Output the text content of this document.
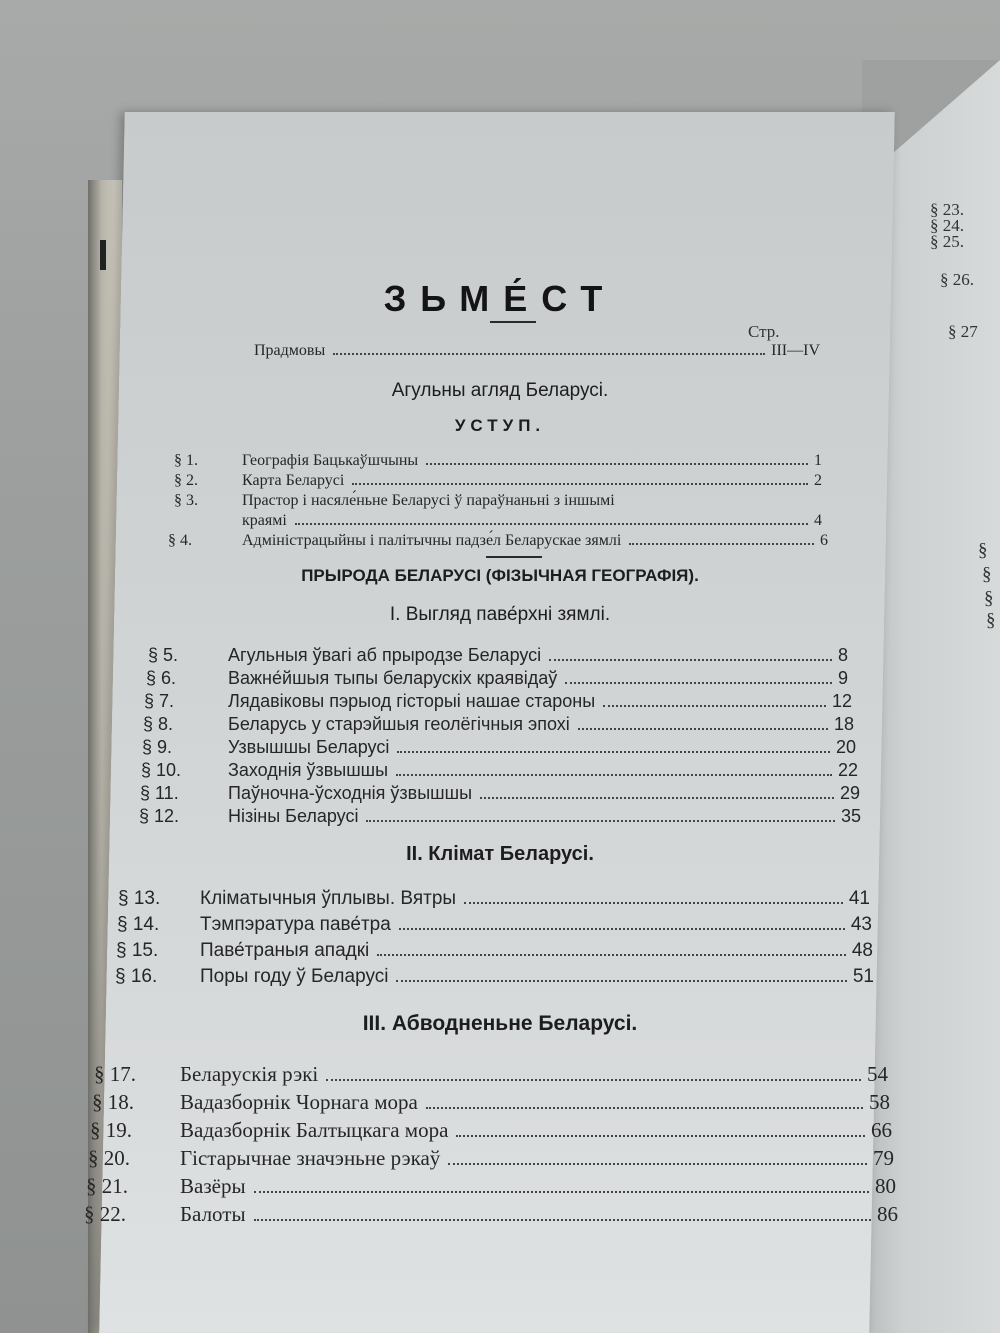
§ 23.
§ 24.
§ 25.
§ 26.
§ 27
§
§
§
§
ЗЬМЕ́СТ
Стр.
Прадмовы	III—IV
Агульны агляд Беларусі.
УСТУП.
§ 1.	Географія Бацькаўшчыны	1
§ 2.	Карта Беларусі	2
§ 3.	Прастор і насяле́ньне Беларусі ў параўнаньні з іншымі
краямі	4
§ 4.	Адміністрацыйны і палітычны падзе́л Беларускае зямлі	6
ПРЫРОДА БЕЛАРУСІ (ФІЗЫЧНАЯ ГЕОГРАФІЯ).
I. Выгляд паве́рхні зямлі.
§ 5.	Агульныя ўвагі аб прыродзе Беларусі	8
§ 6.	Важне́йшыя тыпы беларускіх краявідаў	9
§ 7.	Лядавіковы пэрыод гісторыі нашае староны	12
§ 8.	Беларусь у старэйшыя геолёгічныя эпохі	18
§ 9.	Узвышшы Беларусі	20
§ 10.	Заходнія ўзвышшы	22
§ 11.	Паўночна-ўсходнія ўзвышшы	29
§ 12.	Нізіны Беларусі	35
II. Клімат Беларусі.
§ 13.	Кліматычныя ўплывы. Вятры	41
§ 14.	Тэмпэратура паве́тра	43
§ 15.	Паве́траныя ападкі	48
§ 16.	Поры году ў Беларусі	51
III. Абводненьне Беларусі.
§ 17.	Беларускія рэкі	54
§ 18.	Вадазборнік Чорнага мора	58
§ 19.	Вадазборнік Балтыцкага мора	66
§ 20.	Гістарычнае значэньне рэкаў	79
§ 21.	Вазёры	80
§ 22.	Балоты	86
